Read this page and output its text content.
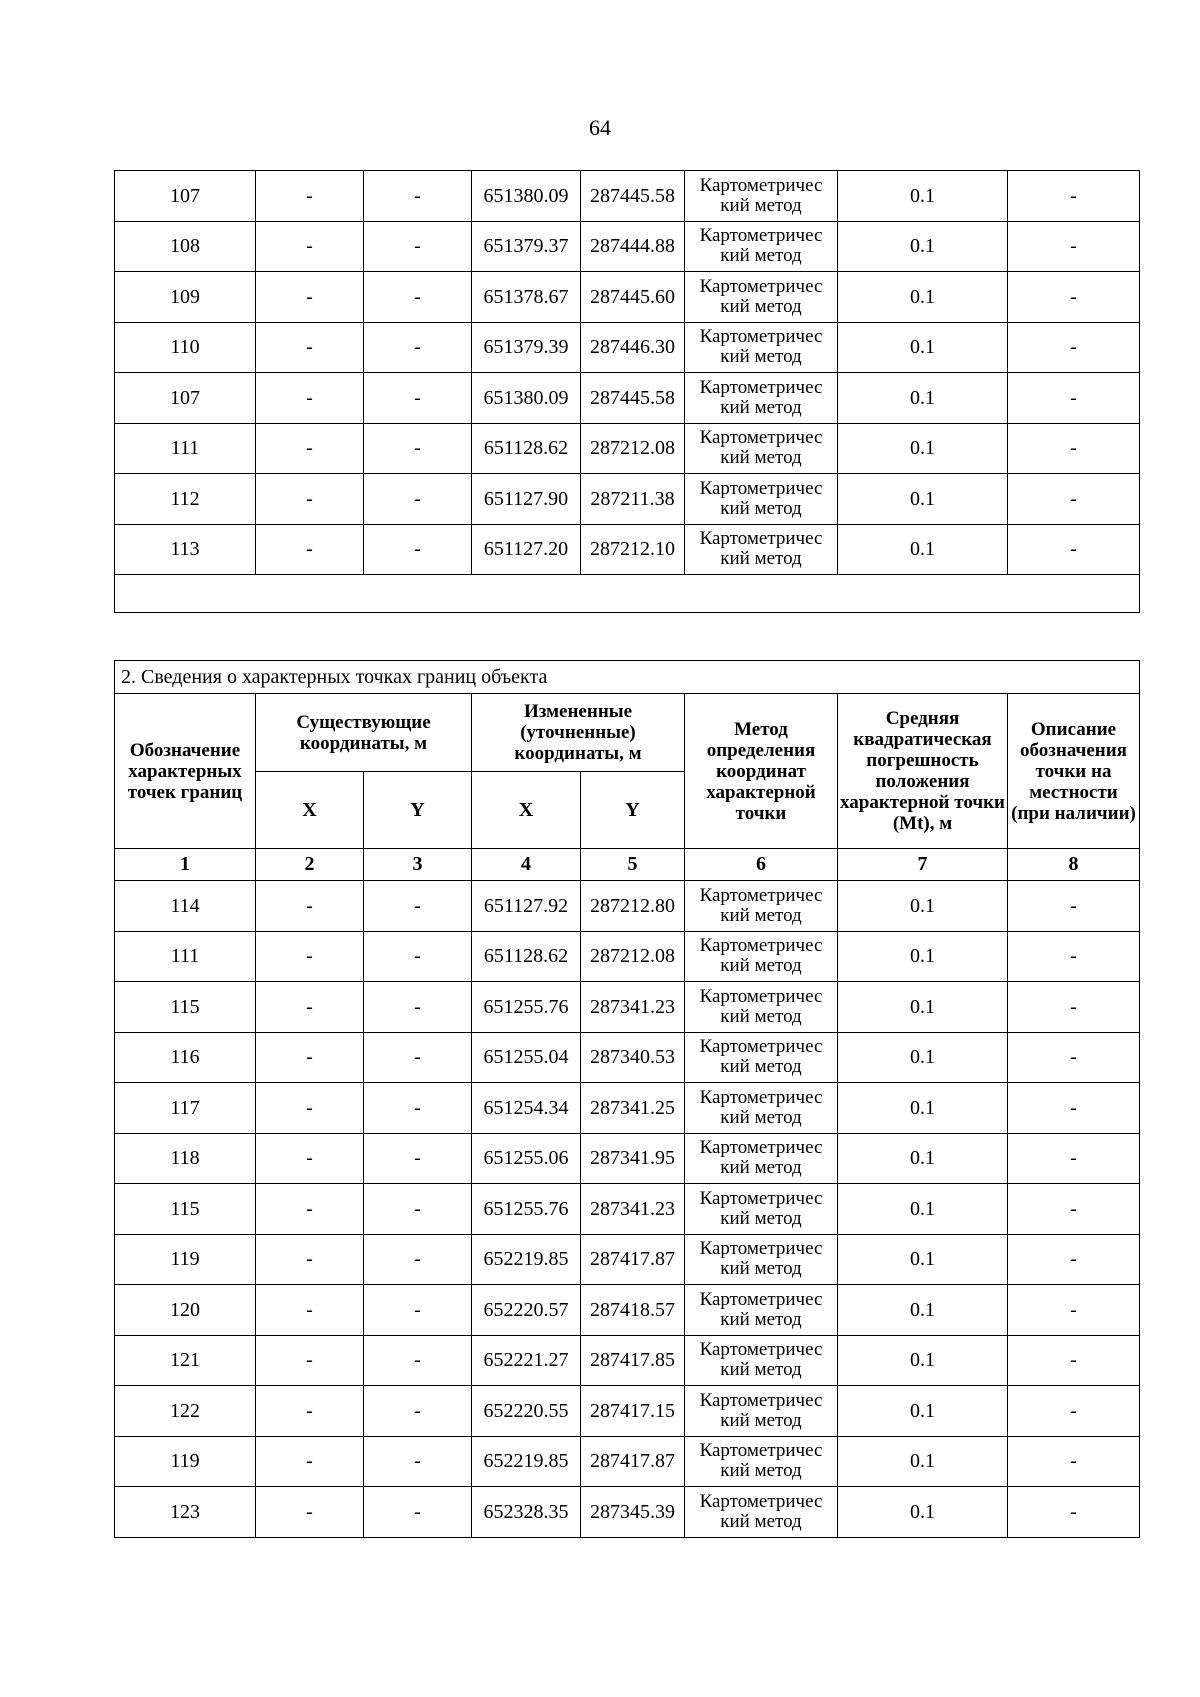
64
107	-	-	651380.09	287445.58	Картометричес кий метод	0.1	-
108	-	-	651379.37	287444.88	Картометричес кий метод	0.1	-
109	-	-	651378.67	287445.60	Картометричес кий метод	0.1	-
110	-	-	651379.39	287446.30	Картометричес кий метод	0.1	-
107	-	-	651380.09	287445.58	Картометричес кий метод	0.1	-
111	-	-	651128.62	287212.08	Картометричес кий метод	0.1	-
112	-	-	651127.90	287211.38	Картометричес кий метод	0.1	-
113	-	-	651127.20	287212.10	Картометричес кий метод	0.1	-

2. Сведения о характерных точках границ объекта							
Обозначение характерных точек границ	Существующие координаты, м		Измененные (уточненные) координаты, м		Метод определения координат характерной точки	Средняя квадратическая погрешность положения характерной точки (Mt), м	Описание обозначения точки на местности (при наличии)
	X	Y	X	Y			
1	2	3	4	5	6	7	8
114	-	-	651127.92	287212.80	Картометричес кий метод	0.1	-
111	-	-	651128.62	287212.08	Картометричес кий метод	0.1	-
115	-	-	651255.76	287341.23	Картометричес кий метод	0.1	-
116	-	-	651255.04	287340.53	Картометричес кий метод	0.1	-
117	-	-	651254.34	287341.25	Картометричес кий метод	0.1	-
118	-	-	651255.06	287341.95	Картометричес кий метод	0.1	-
115	-	-	651255.76	287341.23	Картометричес кий метод	0.1	-
119	-	-	652219.85	287417.87	Картометричес кий метод	0.1	-
120	-	-	652220.57	287418.57	Картометричес кий метод	0.1	-
121	-	-	652221.27	287417.85	Картометричес кий метод	0.1	-
122	-	-	652220.55	287417.15	Картометричес кий метод	0.1	-
119	-	-	652219.85	287417.87	Картометричес кий метод	0.1	-
123	-	-	652328.35	287345.39	Картометричес кий метод	0.1	-
